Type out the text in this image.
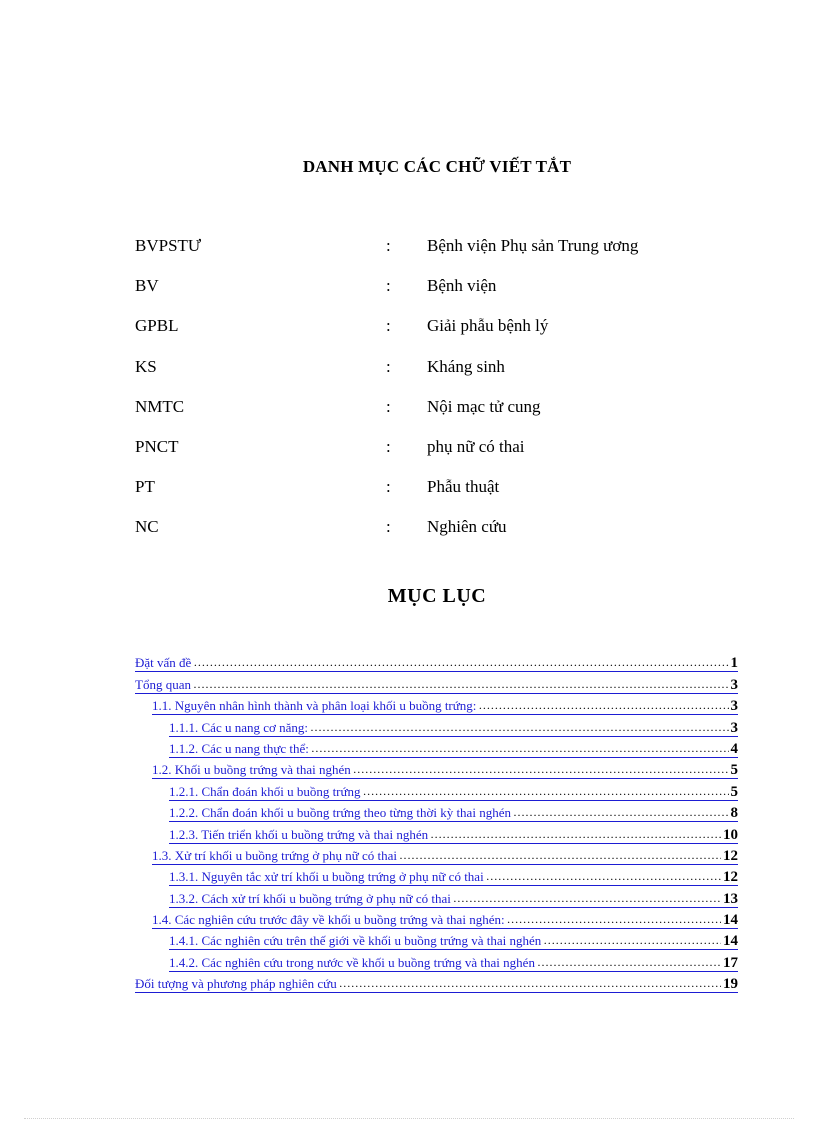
DANH MỤC CÁC CHỮ VIẾT TẮT
BVPSTƯ	: Bệnh viện Phụ sản Trung ương
BV	: Bệnh viện
GPBL	: Giải phẫu bệnh lý
KS	: Kháng sinh
NMTC	: Nội mạc tử cung
PNCT	: phụ nữ có thai
PT	: Phẫu thuật
NC	: Nghiên cứu
MỤC LỤC
Đặt vấn đề ……………………………………………………………………………………………………………………………………………………………	1
Tổng quan ……………………………………………………………………………………………………………………………………………………………	3
1.1. Nguyên nhân hình thành và phân loại khối u buồng trứng: ……………………………………………………………………………………………………………………………………………………………	3
1.1.1. Các u nang cơ năng: ……………………………………………………………………………………………………………………………………………………………	3
1.1.2. Các u nang thực thể: ……………………………………………………………………………………………………………………………………………………………	4
1.2. Khối u buồng trứng và thai nghén ……………………………………………………………………………………………………………………………………………………………	5
1.2.1. Chẩn đoán khối u buồng trứng ……………………………………………………………………………………………………………………………………………………………	5
1.2.2. Chẩn đoán khối u buồng trứng theo từng thời kỳ thai nghén ……………………………………………………………………………………………………………………………………………………………	8
1.2.3. Tiến triển khối u buồng trứng và thai nghén ……………………………………………………………………………………………………………………………………………………………	10
1.3. Xử trí khối u buồng trứng ở phụ nữ có thai ……………………………………………………………………………………………………………………………………………………………	12
1.3.1. Nguyên tắc xử trí khối u buồng trứng ở phụ nữ có thai ……………………………………………………………………………………………………………………………………………………………	12
1.3.2. Cách xử trí khối u buồng trứng ở phụ nữ có thai ……………………………………………………………………………………………………………………………………………………………	13
1.4. Các nghiên cứu trước đây về khối u buồng trứng và thai nghén: ……………………………………………………………………………………………………………………………………………………………	14
1.4.1. Các nghiên cứu trên thế giới về khối u buồng trứng và thai nghén ……………………………………………………………………………………………………………………………………………………………	14
1.4.2. Các nghiên cứu trong nước về khối u buồng trứng và thai nghén ……………………………………………………………………………………………………………………………………………………………	17
Đối tượng và phương pháp nghiên cứu ……………………………………………………………………………………………………………………………………………………………	19
